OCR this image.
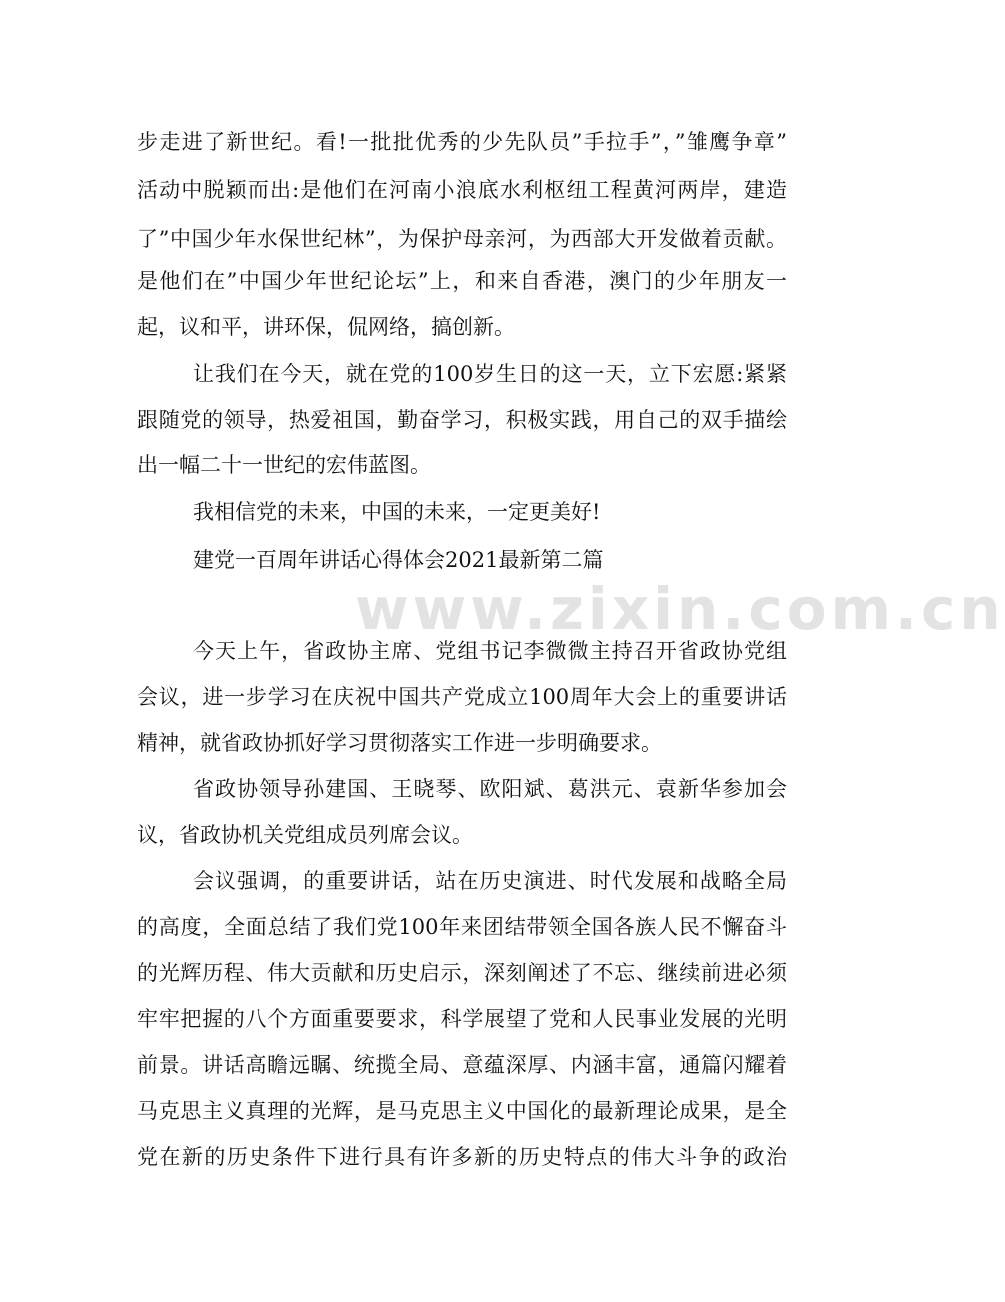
www.zixin.com.cn
步走进了新世纪。看!一批批优秀的少先队员”手拉手”，”雏鹰争章”
活动中脱颖而出:是他们在河南小浪底水利枢纽工程黄河两岸，建造
了”中国少年水保世纪林”，为保护母亲河，为西部大开发做着贡献。
是他们在”中国少年世纪论坛”上，和来自香港，澳门的少年朋友一
起，议和平，讲环保，侃网络，搞创新。
让我们在今天，就在党的100岁生日的这一天，立下宏愿:紧紧
跟随党的领导，热爱祖国，勤奋学习，积极实践，用自己的双手描绘
出一幅二十一世纪的宏伟蓝图。
我相信党的未来，中国的未来，一定更美好!
建党一百周年讲话心得体会2021最新第二篇
今天上午，省政协主席、党组书记李微微主持召开省政协党组
会议，进一步学习在庆祝中国共产党成立100周年大会上的重要讲话
精神，就省政协抓好学习贯彻落实工作进一步明确要求。
省政协领导孙建国、王晓琴、欧阳斌、葛洪元、袁新华参加会
议，省政协机关党组成员列席会议。
会议强调，的重要讲话，站在历史演进、时代发展和战略全局
的高度，全面总结了我们党100年来团结带领全国各族人民不懈奋斗
的光辉历程、伟大贡献和历史启示，深刻阐述了不忘、继续前进必须
牢牢把握的八个方面重要要求，科学展望了党和人民事业发展的光明
前景。讲话高瞻远瞩、统揽全局、意蕴深厚、内涵丰富，通篇闪耀着
马克思主义真理的光辉，是马克思主义中国化的最新理论成果，是全
党在新的历史条件下进行具有许多新的历史特点的伟大斗争的政治
